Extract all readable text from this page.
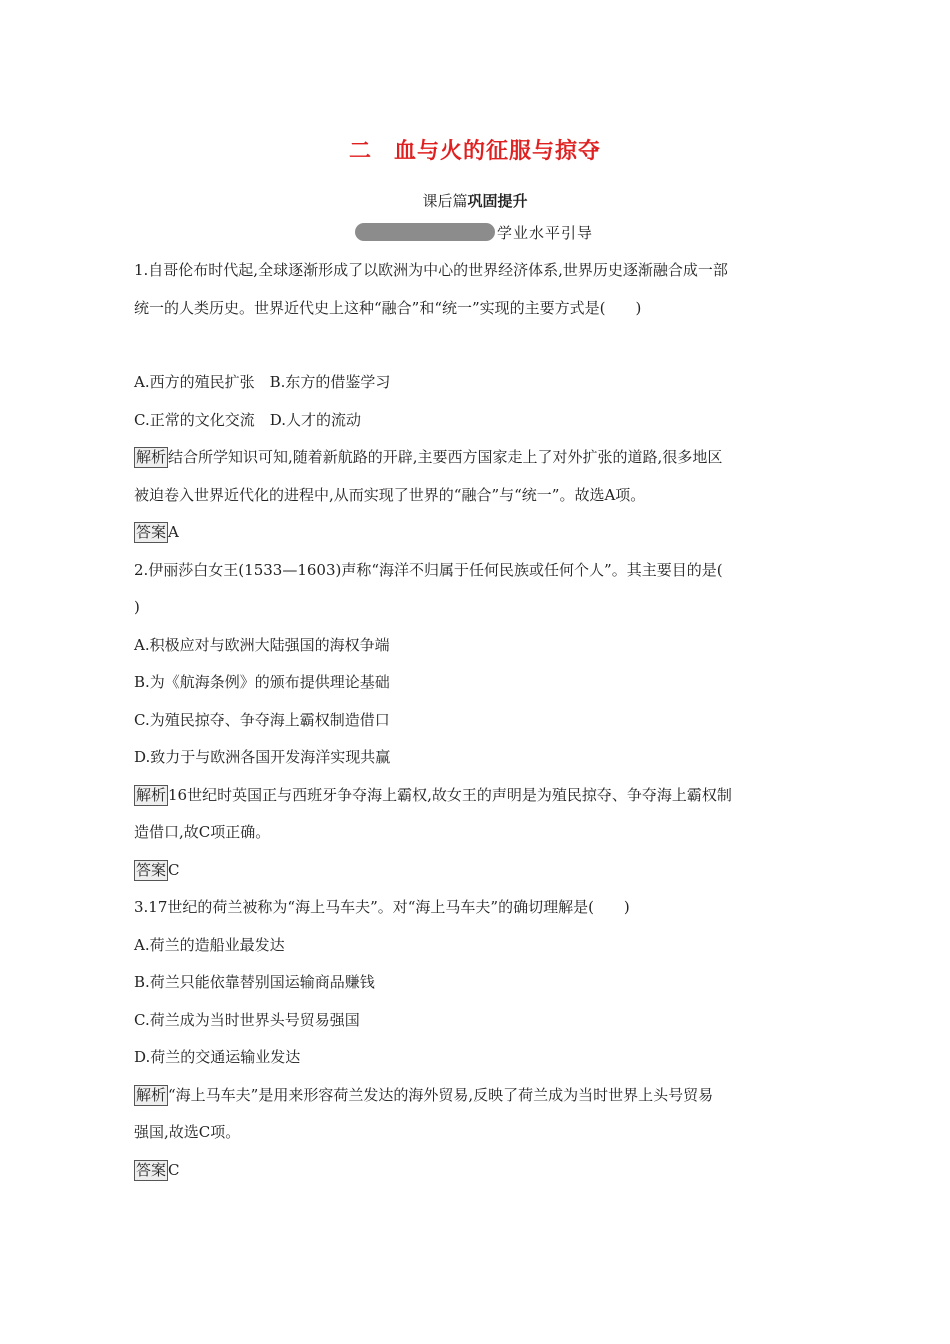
二 血与火的征服与掠夺
课后篇巩固提升
学业水平引导
1.自哥伦布时代起,全球逐渐形成了以欧洲为中心的世界经济体系,世界历史逐渐融合成一部
统一的人类历史。世界近代史上这种“融合”和“统一”实现的主要方式是(　　)
A.西方的殖民扩张　B.东方的借鉴学习
C.正常的文化交流　D.人才的流动
解析 结合所学知识可知,随着新航路的开辟,主要西方国家走上了对外扩张的道路,很多地区
被迫卷入世界近代化的进程中,从而实现了世界的“融合”与“统一”。故选A项。
答案 A
2.伊丽莎白女王(1533—1603)声称“海洋不归属于任何民族或任何个人”。其主要目的是(
)
A.积极应对与欧洲大陆强国的海权争端
B.为《航海条例》的颁布提供理论基础
C.为殖民掠夺、争夺海上霸权制造借口
D.致力于与欧洲各国开发海洋实现共赢
解析 16世纪时英国正与西班牙争夺海上霸权,故女王的声明是为殖民掠夺、争夺海上霸权制
造借口,故C项正确。
答案 C
3.17世纪的荷兰被称为“海上马车夫”。对“海上马车夫”的确切理解是(　　)
A.荷兰的造船业最发达
B.荷兰只能依靠替别国运输商品赚钱
C.荷兰成为当时世界头号贸易强国
D.荷兰的交通运输业发达
解析 “海上马车夫”是用来形容荷兰发达的海外贸易,反映了荷兰成为当时世界上头号贸易
强国,故选C项。
答案 C
